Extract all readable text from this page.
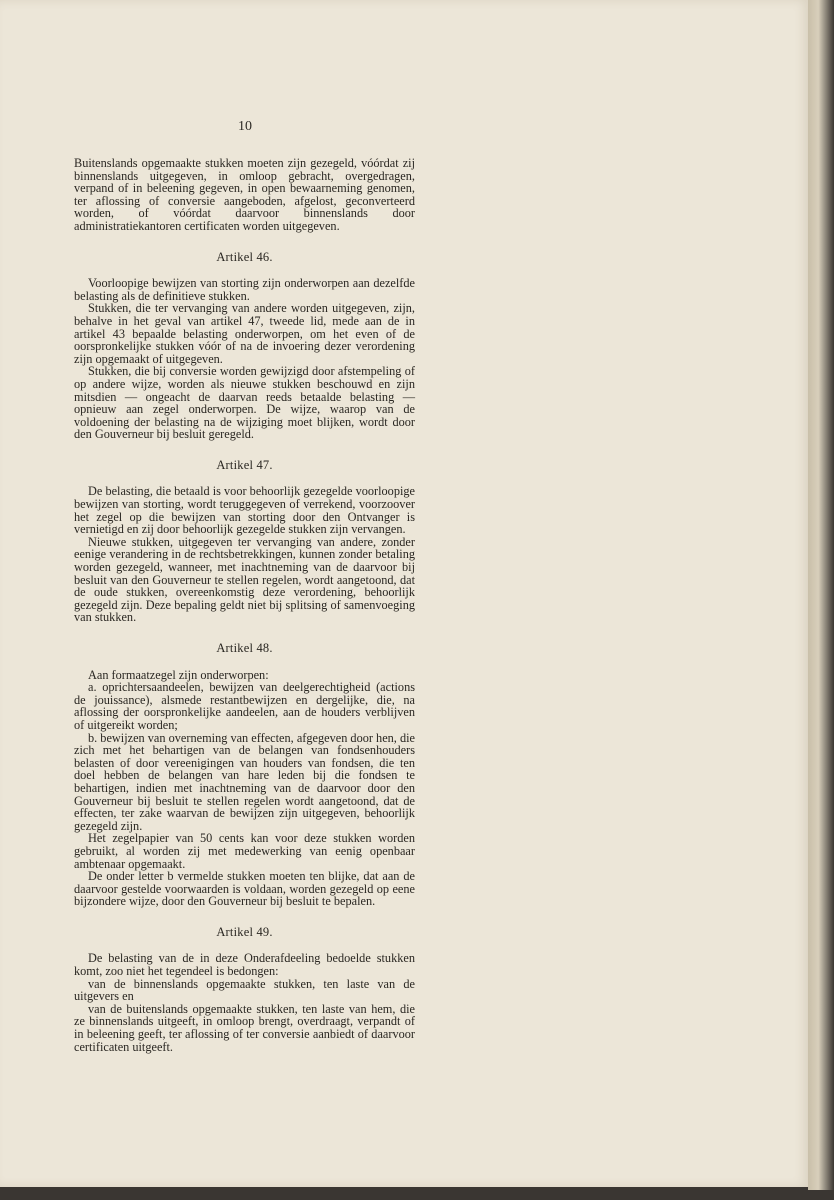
10

Buitenslands opgemaakte stukken moeten zijn gezegeld, vóórdat zij binnenslands uitgegeven, in omloop gebracht, overgedragen, verpand of in beleening gegeven, in open bewaarneming genomen, ter aflossing of conversie aangeboden, afgelost, geconverteerd worden, of vóórdat daarvoor binnenslands door administratiekantoren certificaten worden uitgegeven.

Artikel 46.

Voorloopige bewijzen van storting zijn onderworpen aan dezelfde belasting als de definitieve stukken.

Stukken, die ter vervanging van andere worden uitgegeven, zijn, behalve in het geval van artikel 47, tweede lid, mede aan de in artikel 43 bepaalde belasting onderworpen, om het even of de oorspronkelijke stukken vóór of na de invoering dezer verordening zijn opgemaakt of uitgegeven.

Stukken, die bij conversie worden gewijzigd door afstempeling of op andere wijze, worden als nieuwe stukken beschouwd en zijn mitsdien — ongeacht de daarvan reeds betaalde belasting — opnieuw aan zegel onderworpen. De wijze, waarop van de voldoening der belasting na de wijziging moet blijken, wordt door den Gouverneur bij besluit geregeld.

Artikel 47.

De belasting, die betaald is voor behoorlijk gezegelde voorloopige bewijzen van storting, wordt teruggegeven of verrekend, voorzoover het zegel op die bewijzen van storting door den Ontvanger is vernietigd en zij door behoorlijk gezegelde stukken zijn vervangen.

Nieuwe stukken, uitgegeven ter vervanging van andere, zonder eenige verandering in de rechtsbetrekkingen, kunnen zonder betaling worden gezegeld, wanneer, met inachtneming van de daarvoor bij besluit van den Gouverneur te stellen regelen, wordt aangetoond, dat de oude stukken, overeenkomstig deze verordening, behoorlijk gezegeld zijn. Deze bepaling geldt niet bij splitsing of samenvoeging van stukken.

Artikel 48.

Aan formaatzegel zijn onderworpen:

a. oprichtersaandeelen, bewijzen van deelgerechtigheid (actions de jouissance), alsmede restantbewijzen en dergelijke, die, na aflossing der oorspronkelijke aandeelen, aan de houders verblijven of uitgereikt worden;

b. bewijzen van overneming van effecten, afgegeven door hen, die zich met het behartigen van de belangen van fondsenhouders belasten of door vereenigingen van houders van fondsen, die ten doel hebben de belangen van hare leden bij die fondsen te behartigen, indien met inachtneming van de daarvoor door den Gouverneur bij besluit te stellen regelen wordt aangetoond, dat de effecten, ter zake waarvan de bewijzen zijn uitgegeven, behoorlijk gezegeld zijn.

Het zegelpapier van 50 cents kan voor deze stukken worden gebruikt, al worden zij met medewerking van eenig openbaar ambtenaar opgemaakt.

De onder letter b vermelde stukken moeten ten blijke, dat aan de daarvoor gestelde voorwaarden is voldaan, worden gezegeld op eene bijzondere wijze, door den Gouverneur bij besluit te bepalen.

Artikel 49.

De belasting van de in deze Onderafdeeling bedoelde stukken komt, zoo niet het tegendeel is bedongen:

van de binnenslands opgemaakte stukken, ten laste van de uitgevers en

van de buitenslands opgemaakte stukken, ten laste van hem, die ze binnenslands uitgeeft, in omloop brengt, overdraagt, verpandt of in beleening geeft, ter aflossing of ter conversie aanbiedt of daarvoor certificaten uitgeeft.
